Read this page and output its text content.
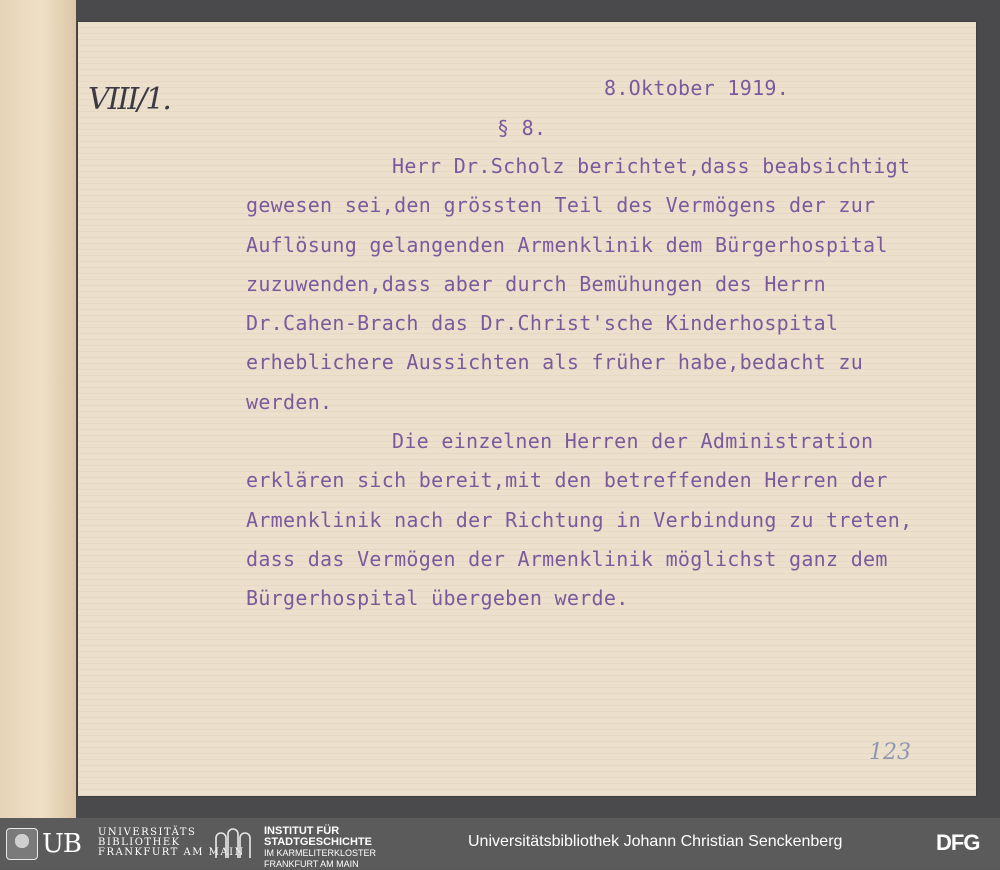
VIII/1.	8.Oktober 1919.
§ 8.
Herr Dr.Scholz berichtet,dass beabsichtigt
gewesen sei,den grössten Teil des Vermögens der zur
Auflösung gelangenden Armenklinik dem Bürgerhospital
zuzuwenden,dass aber durch Bemühungen des Herrn
Dr.Cahen-Brach das Dr.Christ'sche Kinderhospital
erheblichere Aussichten als früher habe,bedacht zu
werden.
Die einzelnen Herren der Administration
erklären sich bereit,mit den betreffenden Herren der
Armenklinik nach der Richtung in Verbindung zu treten,
dass das Vermögen der Armenklinik möglichst ganz dem
Bürgerhospital übergeben werde.
123
UB UNIVERSITÄTS
BIBLIOTHEK
FRANKFURT AM MAIN
INSTITUT FÜR
STADTGESCHICHTE
IM KARMELITERKLOSTER
FRANKFURT AM MAIN
Universitätsbibliothek Johann Christian Senckenberg	DFG
